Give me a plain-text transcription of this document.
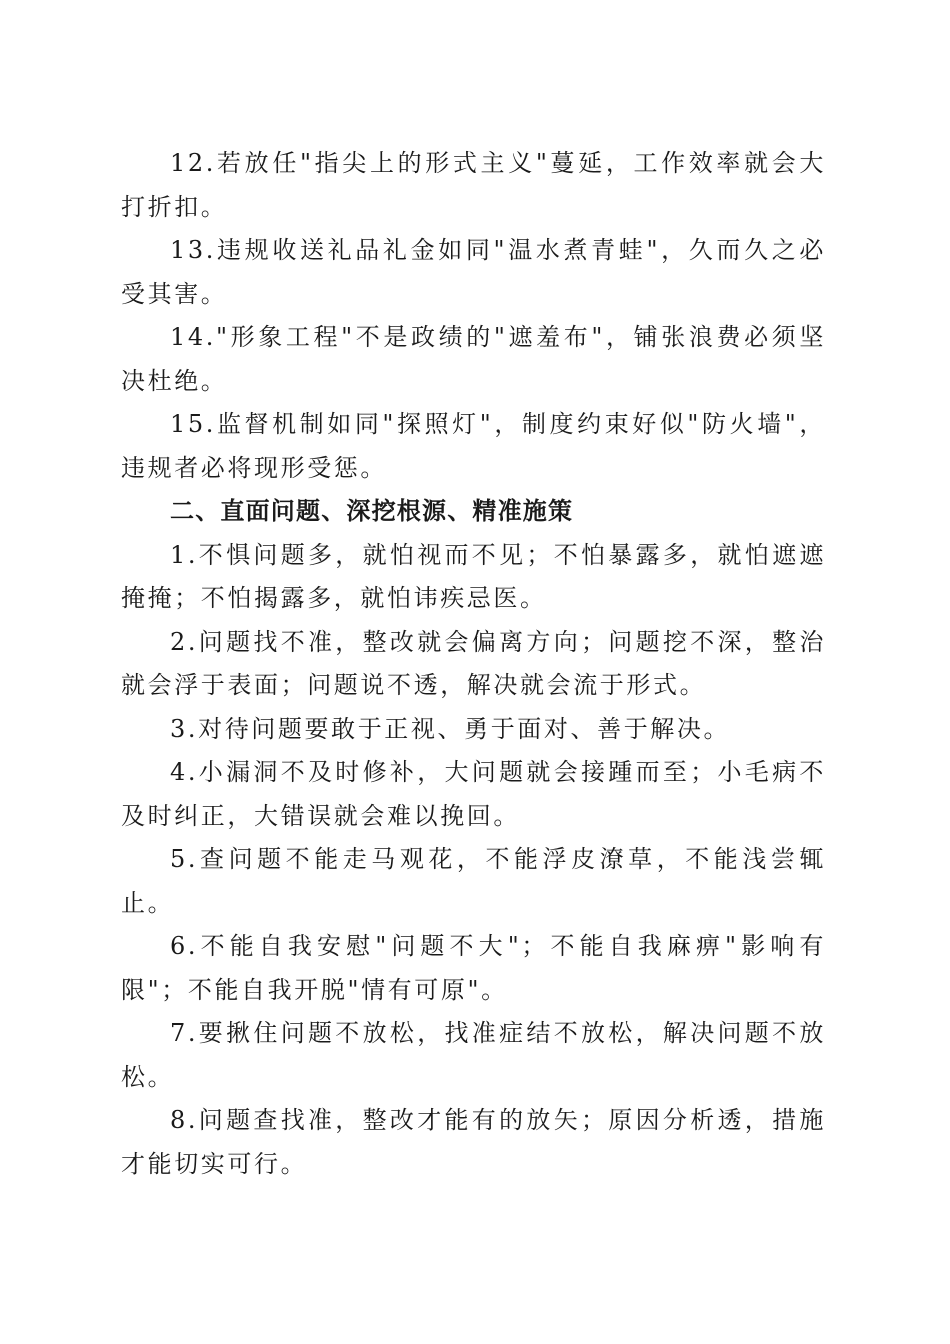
12.若放任"指尖上的形式主义"蔓延，工作效率就会大打折扣。

13.违规收送礼品礼金如同"温水煮青蛙"，久而久之必受其害。

14."形象工程"不是政绩的"遮羞布"，铺张浪费必须坚决杜绝。

15.监督机制如同"探照灯"，制度约束好似"防火墙"，违规者必将现形受惩。

二、直面问题、深挖根源、精准施策

1.不惧问题多，就怕视而不见；不怕暴露多，就怕遮遮掩掩；不怕揭露多，就怕讳疾忌医。

2.问题找不准，整改就会偏离方向；问题挖不深，整治就会浮于表面；问题说不透，解决就会流于形式。

3.对待问题要敢于正视、勇于面对、善于解决。

4.小漏洞不及时修补，大问题就会接踵而至；小毛病不及时纠正，大错误就会难以挽回。

5.查问题不能走马观花，不能浮皮潦草，不能浅尝辄止。

6.不能自我安慰"问题不大"；不能自我麻痹"影响有限"；不能自我开脱"情有可原"。

7.要揪住问题不放松，找准症结不放松，解决问题不放松。

8.问题查找准，整改才能有的放矢；原因分析透，措施才能切实可行。
